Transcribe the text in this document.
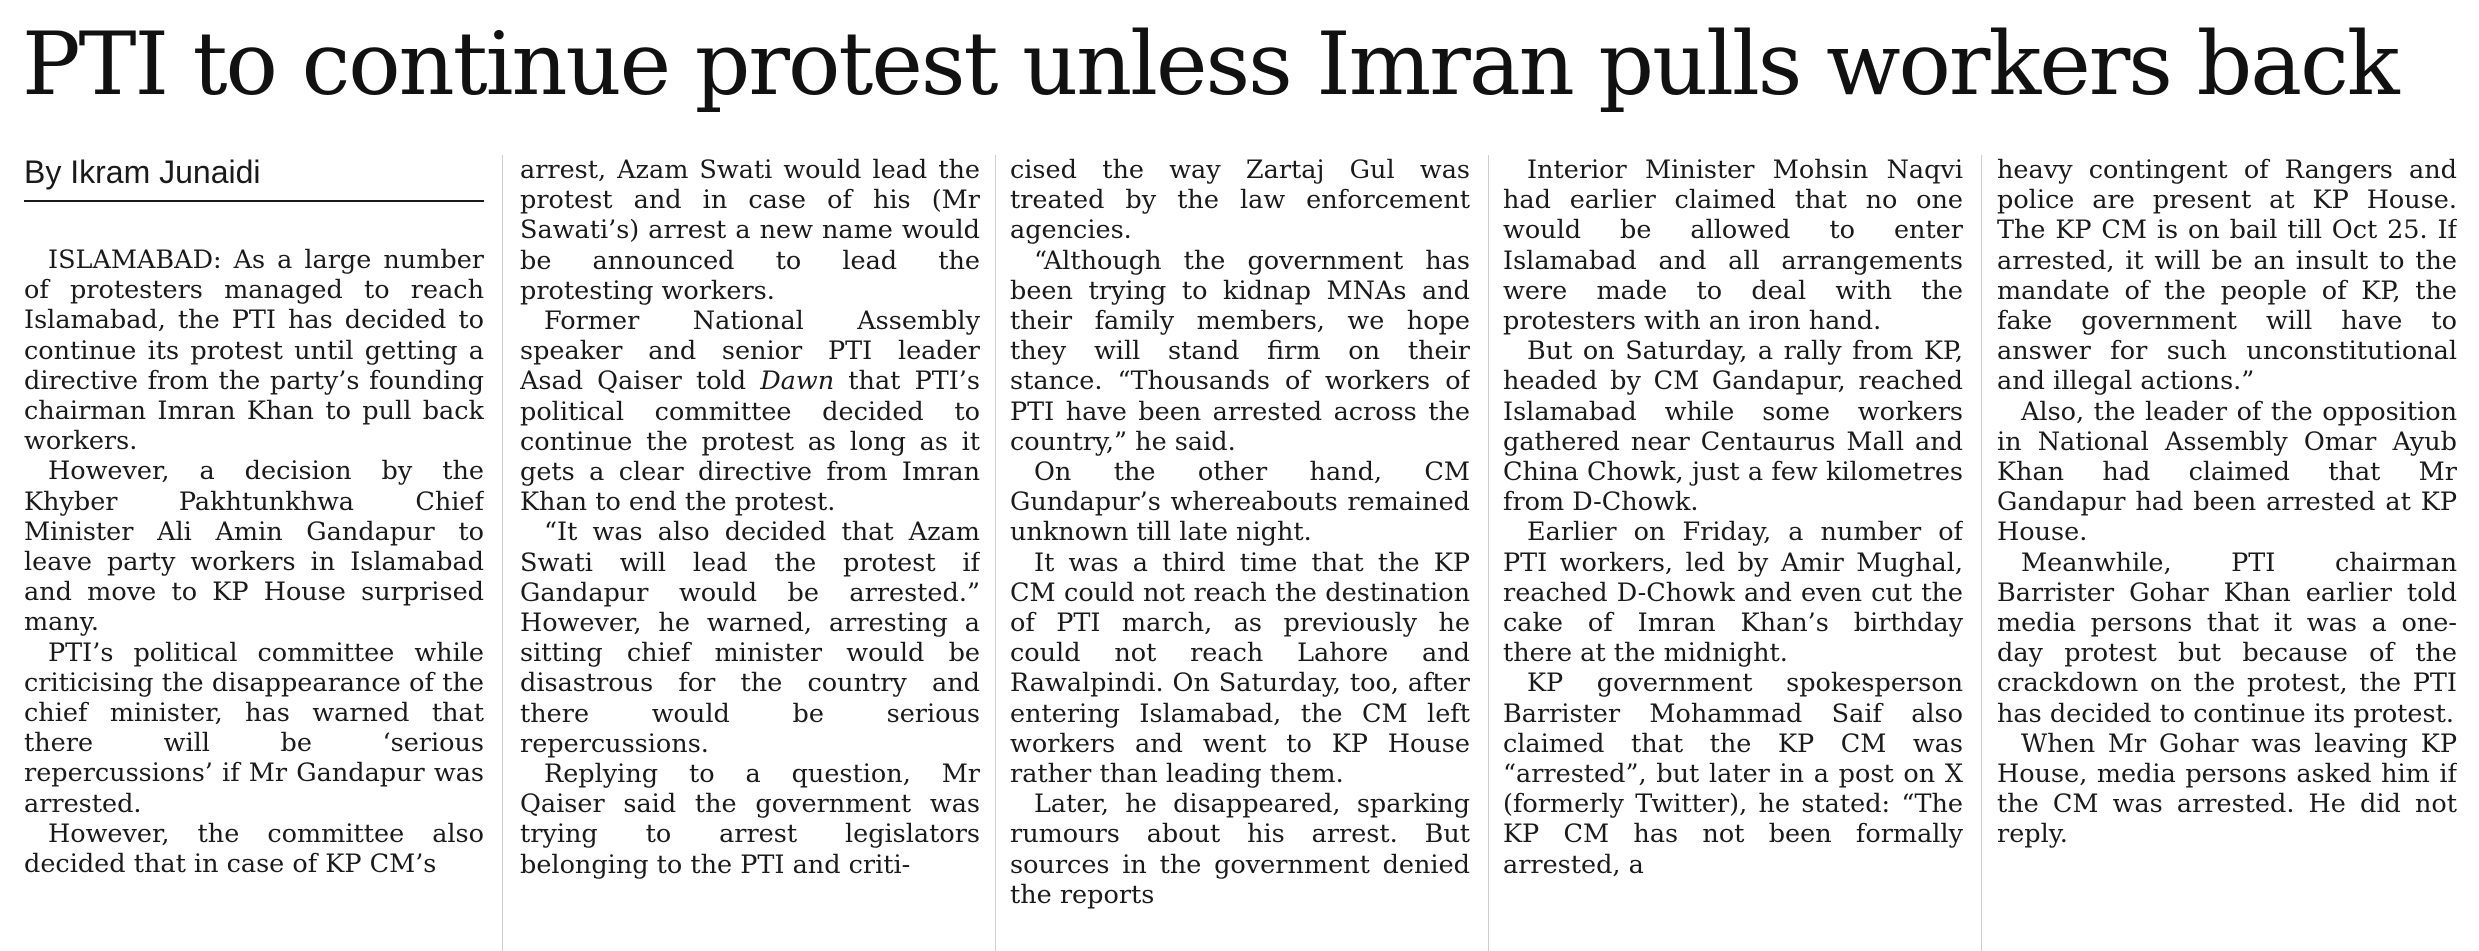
PTI to continue protest unless Imran pulls workers back
By Ikram Junaidi

ISLAMABAD: As a large number of protesters managed to reach Islamabad, the PTI has decided to continue its protest until getting a directive from the party’s founding chairman Imran Khan to pull back workers.

However, a decision by the Khyber Pakhtunkhwa Chief Minister Ali Amin Gandapur to leave party workers in Islamabad and move to KP House surprised many.

PTI’s political committee while criticising the disappearance of the chief minister, has warned that there will be ‘serious repercussions’ if Mr Gandapur was arrested.

However, the committee also decided that in case of KP CM’s

arrest, Azam Swati would lead the protest and in case of his (Mr Sawati’s) arrest a new name would be announced to lead the protesting workers.

Former National Assembly speaker and senior PTI leader Asad Qaiser told Dawn that PTI’s political committee decided to continue the protest as long as it gets a clear directive from Imran Khan to end the protest.

“It was also decided that Azam Swati will lead the protest if Gandapur would be arrested.” However, he warned, arresting a sitting chief minister would be disastrous for the country and there would be serious repercussions.

Replying to a question, Mr Qaiser said the government was trying to arrest legislators belonging to the PTI and criti-

cised the way Zartaj Gul was treated by the law enforcement agencies.

“Although the government has been trying to kidnap MNAs and their family members, we hope they will stand firm on their stance. “Thousands of workers of PTI have been arrested across the country,” he said.

On the other hand, CM Gundapur’s whereabouts remained unknown till late night.

It was a third time that the KP CM could not reach the destination of PTI march, as previously he could not reach Lahore and Rawalpindi. On Saturday, too, after entering Islamabad, the CM left workers and went to KP House rather than leading them.

Later, he disappeared, sparking rumours about his arrest. But sources in the government denied the reports

Interior Minister Mohsin Naqvi had earlier claimed that no one would be allowed to enter Islamabad and all arrangements were made to deal with the protesters with an iron hand.

But on Saturday, a rally from KP, headed by CM Gandapur, reached Islamabad while some workers gathered near Centaurus Mall and China Chowk, just a few kilometres from D-Chowk.

Earlier on Friday, a number of PTI workers, led by Amir Mughal, reached D-Chowk and even cut the cake of Imran Khan’s birthday there at the midnight.

KP government spokesperson Barrister Mohammad Saif also claimed that the KP CM was “arrested”, but later in a post on X (formerly Twitter), he stated: “The KP CM has not been formally arrested, a

heavy contingent of Rangers and police are present at KP House. The KP CM is on bail till Oct 25. If arrested, it will be an insult to the mandate of the people of KP, the fake government will have to answer for such unconstitutional and illegal actions.”

Also, the leader of the opposition in National Assembly Omar Ayub Khan had claimed that Mr Gandapur had been arrested at KP House.

Meanwhile, PTI chairman Barrister Gohar Khan earlier told media persons that it was a one-day protest but because of the crackdown on the protest, the PTI has decided to continue its protest.

When Mr Gohar was leaving KP House, media persons asked him if the CM was arrested. He did not reply.
